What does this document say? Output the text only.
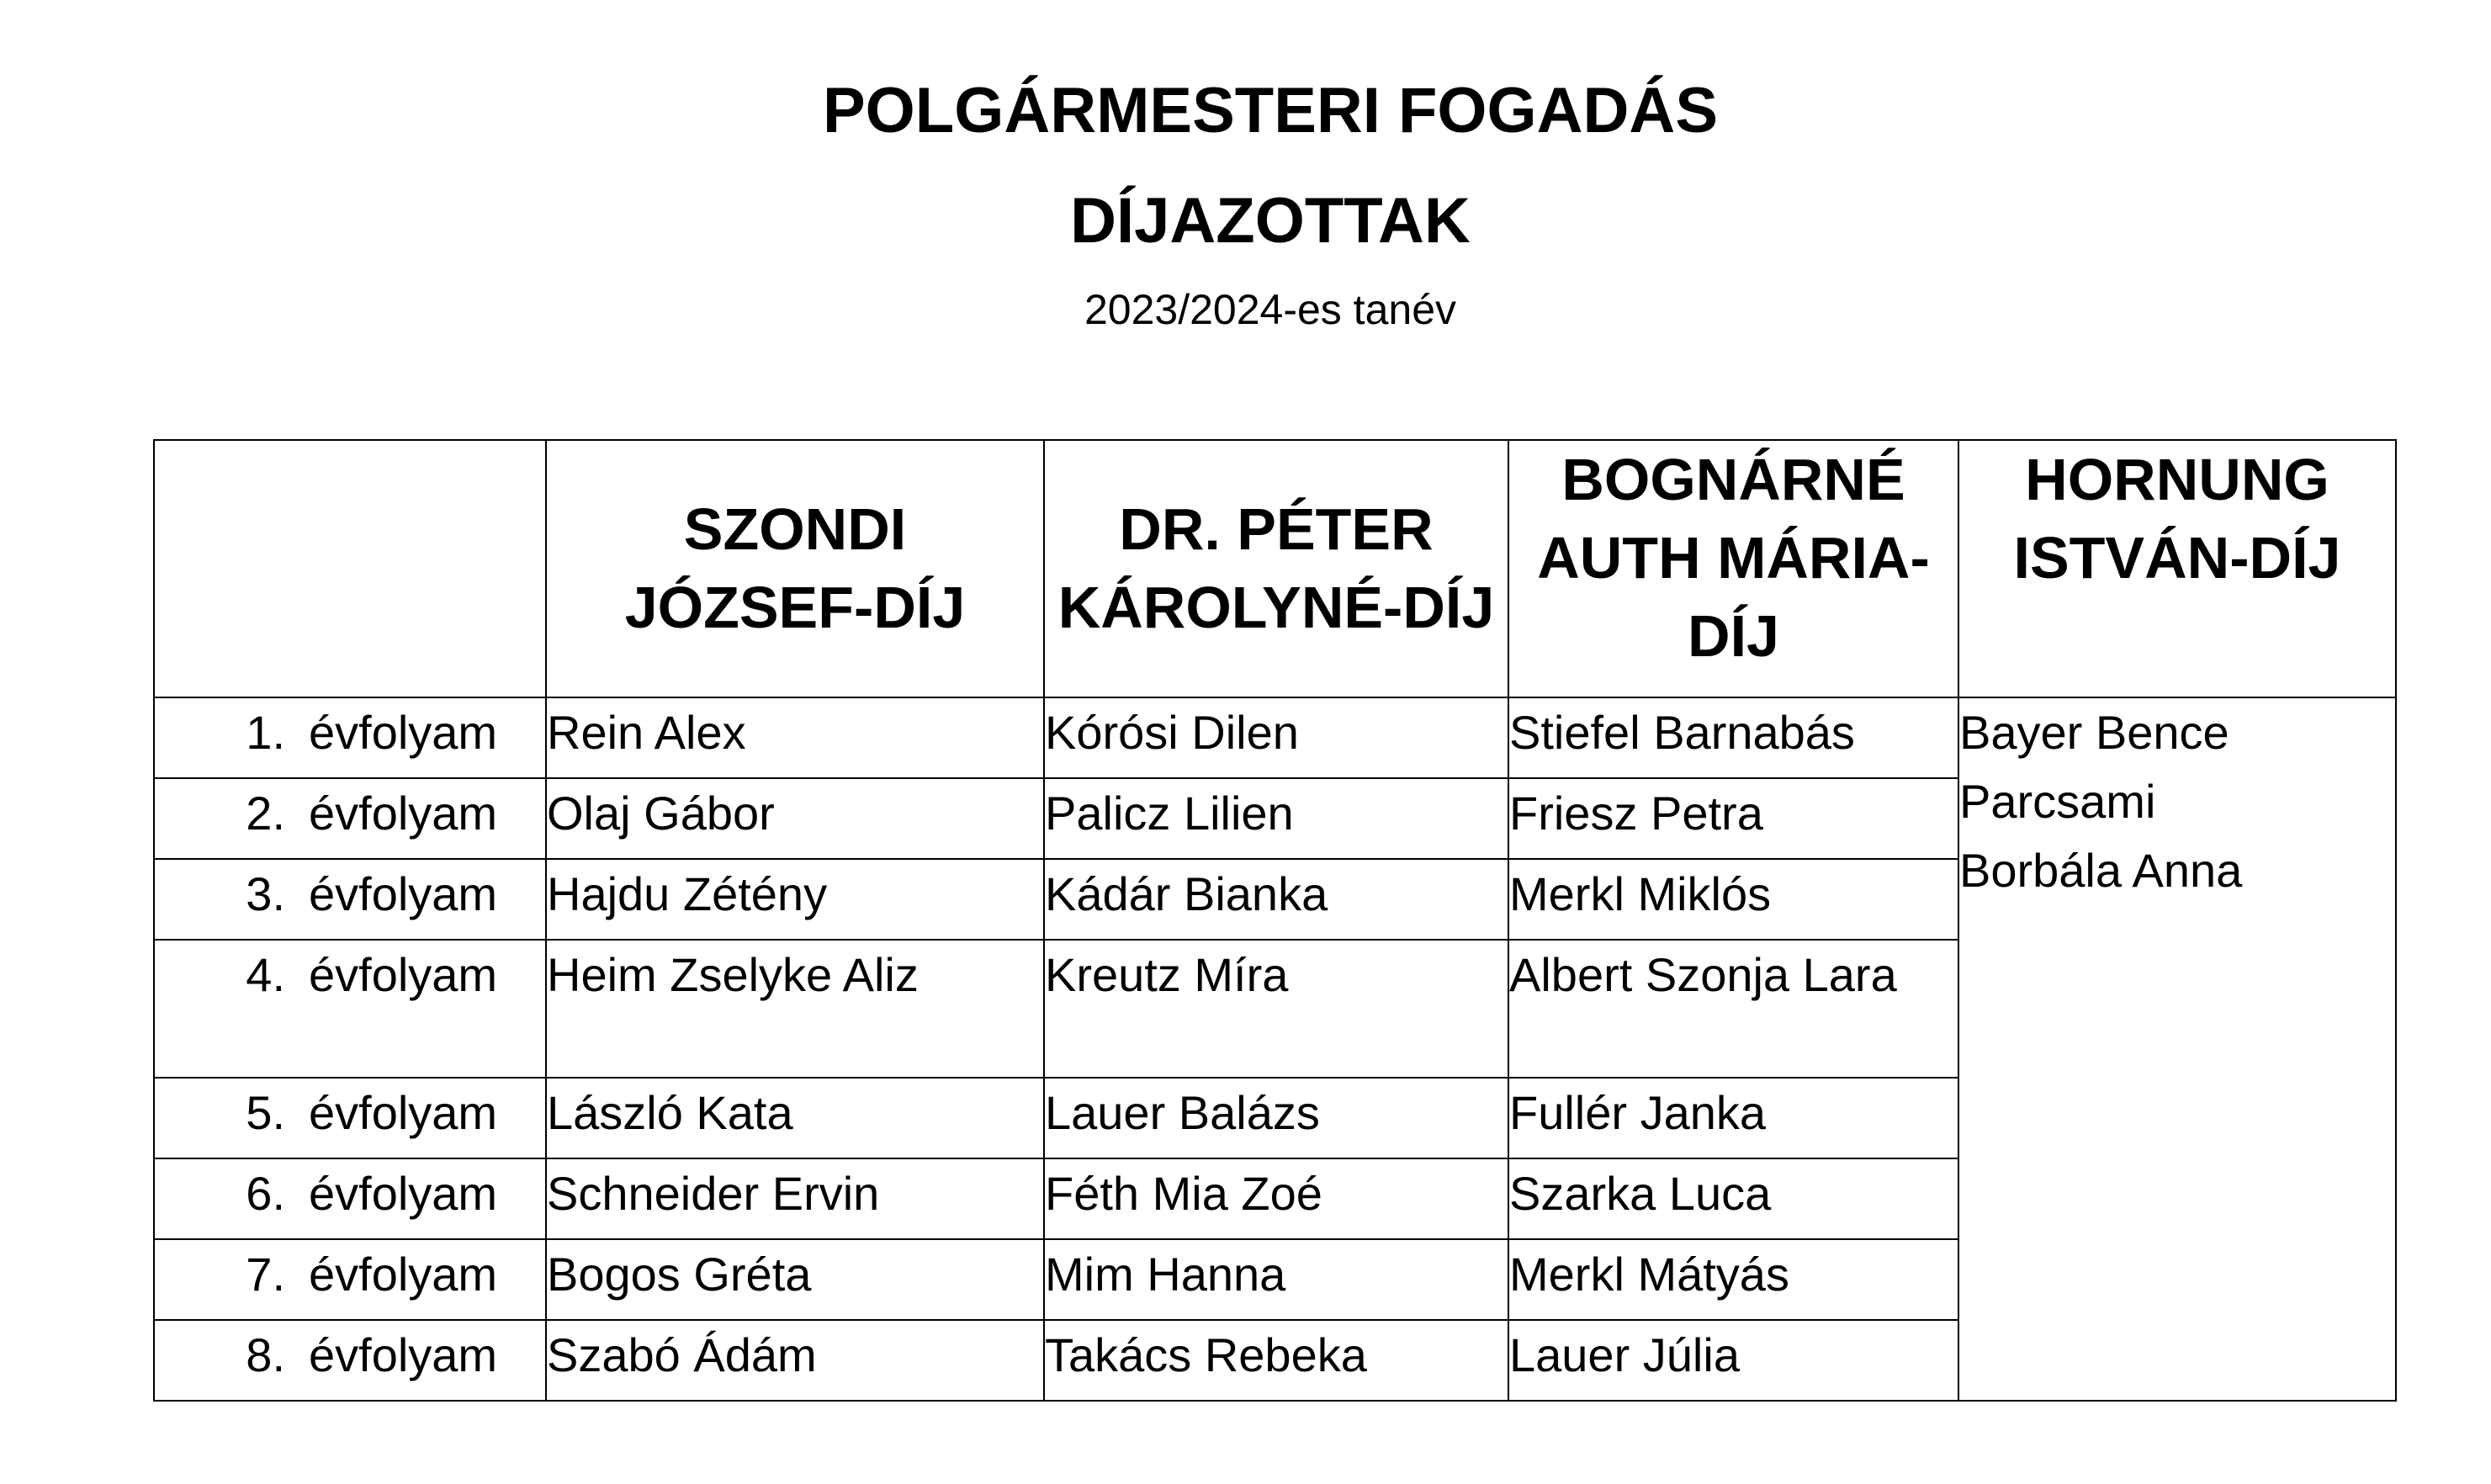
POLGÁRMESTERI FOGADÁS
DÍJAZOTTAK
2023/2024-es tanév

	SZONDI
JÓZSEF-DÍJ	DR. PÉTER
KÁROLYNÉ-DÍJ	BOGNÁRNÉ
AUTH MÁRIA-
DÍJ	HORNUNG
ISTVÁN-DÍJ

1. évfolyam	Rein Alex	Kórósi Dilen	Stiefel Barnabás	Bayer Bence
Parcsami
Borbála Anna

2. évfolyam	Olaj Gábor	Palicz Lilien	Friesz Petra	
3. évfolyam	Hajdu Zétény	Kádár Bianka	Merkl Miklós	
4. évfolyam	Heim Zselyke Aliz	Kreutz Míra	Albert Szonja Lara	
5. évfolyam	László Kata	Lauer Balázs	Fullér Janka	
6. évfolyam	Schneider Ervin	Féth Mia Zoé	Szarka Luca	
7. évfolyam	Bogos Gréta	Mim Hanna	Merkl Mátyás	
8. évfolyam	Szabó Ádám	Takács Rebeka	Lauer Júlia	
